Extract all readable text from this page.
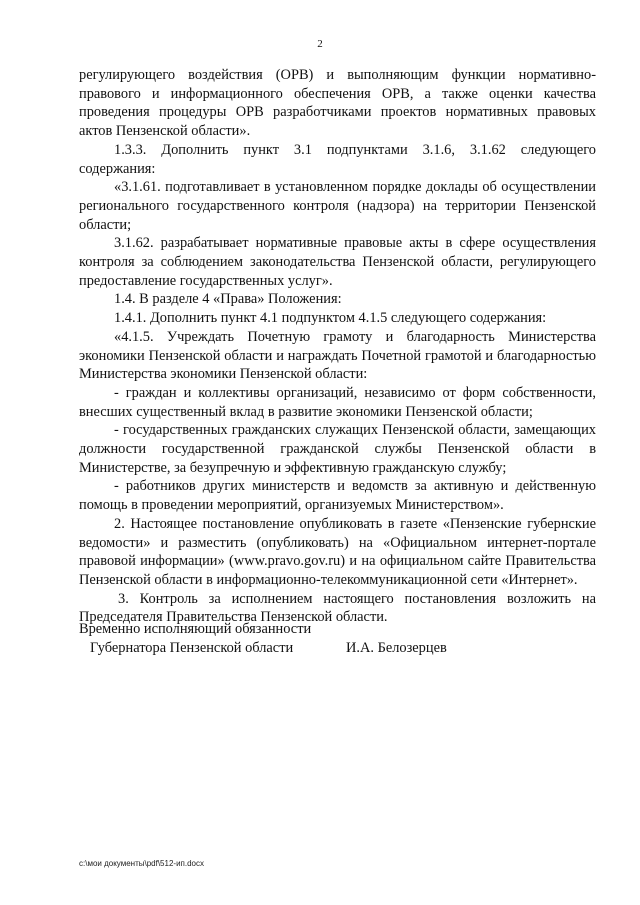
2

регулирующего воздействия (ОРВ) и выполняющим функции нормативно-правового и информационного обеспечения ОРВ, а также оценки качества проведения процедуры ОРВ разработчиками проектов нормативных правовых актов Пензенской области».

1.3.3. Дополнить пункт 3.1 подпунктами 3.1.6, 3.1.62 следующего содержания:

«3.1.61. подготавливает в установленном порядке доклады об осуществлении регионального государственного контроля (надзора) на территории Пензенской области;

3.1.62. разрабатывает нормативные правовые акты в сфере осуществления контроля за соблюдением законодательства Пензенской области, регулирующего предоставление государственных услуг».

1.4. В разделе 4 «Права» Положения:

1.4.1. Дополнить пункт 4.1 подпунктом 4.1.5 следующего содержания:

«4.1.5. Учреждать Почетную грамоту и благодарность Министерства экономики Пензенской области и награждать Почетной грамотой и благодарностью Министерства экономики Пензенской области:

- граждан и коллективы организаций, независимо от форм собственности, внесших существенный вклад в развитие экономики Пензенской области;

- государственных гражданских служащих Пензенской области, замещающих должности государственной гражданской службы Пензенской области в Министерстве, за безупречную и эффективную гражданскую службу;

- работников других министерств и ведомств за активную и действенную помощь в проведении мероприятий, организуемых Министерством».

2. Настоящее постановление опубликовать в газете «Пензенские губернские ведомости» и разместить (опубликовать) на «Официальном интернет-портале правовой информации» (www.pravo.gov.ru) и на официальном сайте Правительства Пензенской области в информационно-телекоммуникационной сети «Интернет».

3. Контроль за исполнением настоящего постановления возложить на Председателя Правительства Пензенской области.

Временно исполняющий обязанности
Губернатора Пензенской области	И.А. Белозерцев
c:\мои документы\pdf\512-ип.docx
